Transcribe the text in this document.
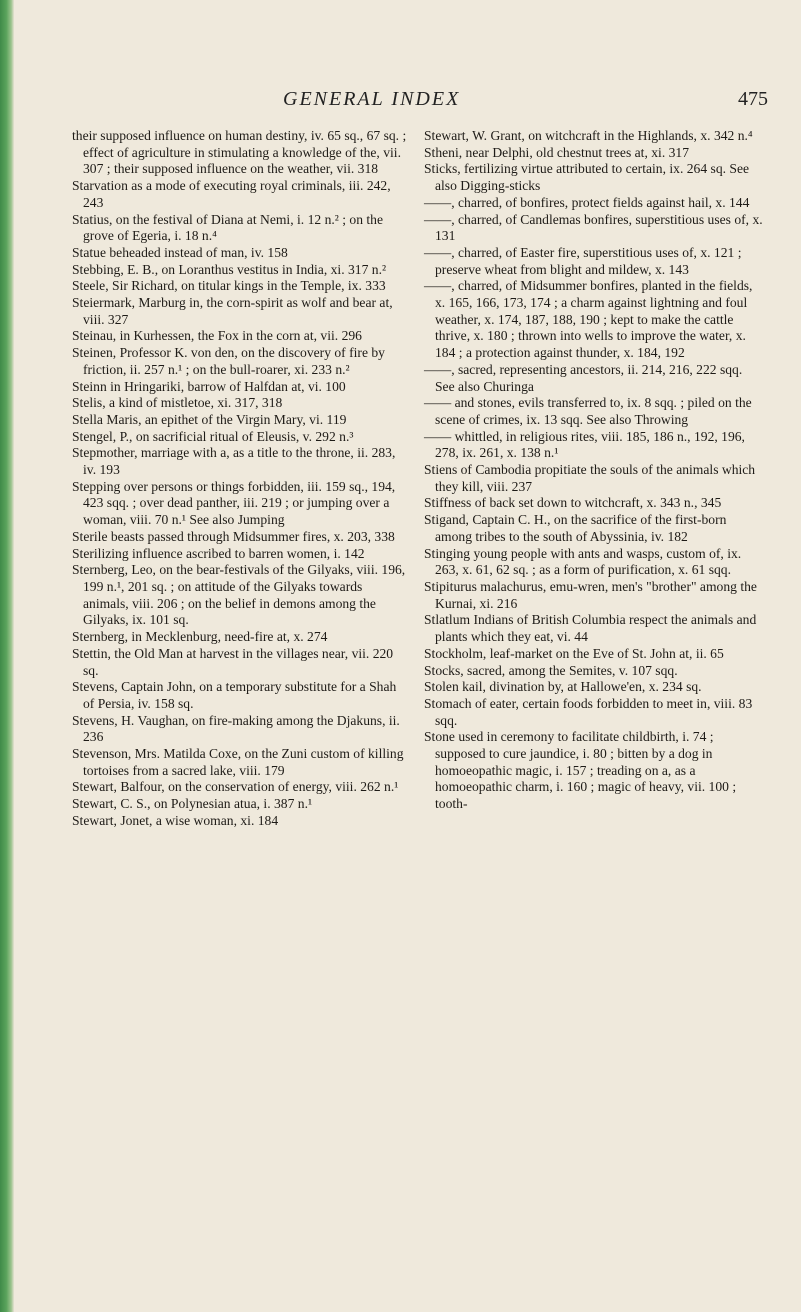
GENERAL INDEX	475

their supposed influence on human destiny, iv. 65 sq., 67 sq. ; effect of agriculture in stimulating a knowledge of the, vii. 307 ; their supposed influence on the weather, vii. 318

Starvation as a mode of executing royal criminals, iii. 242, 243

Statius, on the festival of Diana at Nemi, i. 12 n.² ; on the grove of Egeria, i. 18 n.⁴

Statue beheaded instead of man, iv. 158

Stebbing, E. B., on Loranthus vestitus in India, xi. 317 n.²

Steele, Sir Richard, on titular kings in the Temple, ix. 333

Steiermark, Marburg in, the corn-spirit as wolf and bear at, viii. 327

Steinau, in Kurhessen, the Fox in the corn at, vii. 296

Steinen, Professor K. von den, on the discovery of fire by friction, ii. 257 n.¹ ; on the bull-roarer, xi. 233 n.²

Steinn in Hringariki, barrow of Halfdan at, vi. 100

Stelis, a kind of mistletoe, xi. 317, 318

Stella Maris, an epithet of the Virgin Mary, vi. 119

Stengel, P., on sacrificial ritual of Eleusis, v. 292 n.³

Stepmother, marriage with a, as a title to the throne, ii. 283, iv. 193

Stepping over persons or things forbidden, iii. 159 sq., 194, 423 sqq. ; over dead panther, iii. 219 ; or jumping over a woman, viii. 70 n.¹ See also Jumping

Sterile beasts passed through Midsummer fires, x. 203, 338

Sterilizing influence ascribed to barren women, i. 142

Sternberg, Leo, on the bear-festivals of the Gilyaks, viii. 196, 199 n.¹, 201 sq. ; on attitude of the Gilyaks towards animals, viii. 206 ; on the belief in demons among the Gilyaks, ix. 101 sq.

Sternberg, in Mecklenburg, need-fire at, x. 274

Stettin, the Old Man at harvest in the villages near, vii. 220 sq.

Stevens, Captain John, on a temporary substitute for a Shah of Persia, iv. 158 sq.

Stevens, H. Vaughan, on fire-making among the Djakuns, ii. 236

Stevenson, Mrs. Matilda Coxe, on the Zuni custom of killing tortoises from a sacred lake, viii. 179

Stewart, Balfour, on the conservation of energy, viii. 262 n.¹

Stewart, C. S., on Polynesian atua, i. 387 n.¹

Stewart, Jonet, a wise woman, xi. 184

Stewart, W. Grant, on witchcraft in the Highlands, x. 342 n.⁴

Stheni, near Delphi, old chestnut trees at, xi. 317

Sticks, fertilizing virtue attributed to certain, ix. 264 sq. See also Digging-sticks

——, charred, of bonfires, protect fields against hail, x. 144

——, charred, of Candlemas bonfires, superstitious uses of, x. 131

——, charred, of Easter fire, superstitious uses of, x. 121 ; preserve wheat from blight and mildew, x. 143

——, charred, of Midsummer bonfires, planted in the fields, x. 165, 166, 173, 174 ; a charm against lightning and foul weather, x. 174, 187, 188, 190 ; kept to make the cattle thrive, x. 180 ; thrown into wells to improve the water, x. 184 ; a protection against thunder, x. 184, 192

——, sacred, representing ancestors, ii. 214, 216, 222 sqq. See also Churinga

—— and stones, evils transferred to, ix. 8 sqq. ; piled on the scene of crimes, ix. 13 sqq. See also Throwing

—— whittled, in religious rites, viii. 185, 186 n., 192, 196, 278, ix. 261, x. 138 n.¹

Stiens of Cambodia propitiate the souls of the animals which they kill, viii. 237

Stiffness of back set down to witchcraft, x. 343 n., 345

Stigand, Captain C. H., on the sacrifice of the first-born among tribes to the south of Abyssinia, iv. 182

Stinging young people with ants and wasps, custom of, ix. 263, x. 61, 62 sq. ; as a form of purification, x. 61 sqq.

Stipiturus malachurus, emu-wren, men's "brother" among the Kurnai, xi. 216

Stlatlum Indians of British Columbia respect the animals and plants which they eat, vi. 44

Stockholm, leaf-market on the Eve of St. John at, ii. 65

Stocks, sacred, among the Semites, v. 107 sqq.

Stolen kail, divination by, at Hallowe'en, x. 234 sq.

Stomach of eater, certain foods forbidden to meet in, viii. 83 sqq.

Stone used in ceremony to facilitate childbirth, i. 74 ; supposed to cure jaundice, i. 80 ; bitten by a dog in homoeopathic magic, i. 157 ; treading on a, as a homoeopathic charm, i. 160 ; magic of heavy, vii. 100 ; tooth-
